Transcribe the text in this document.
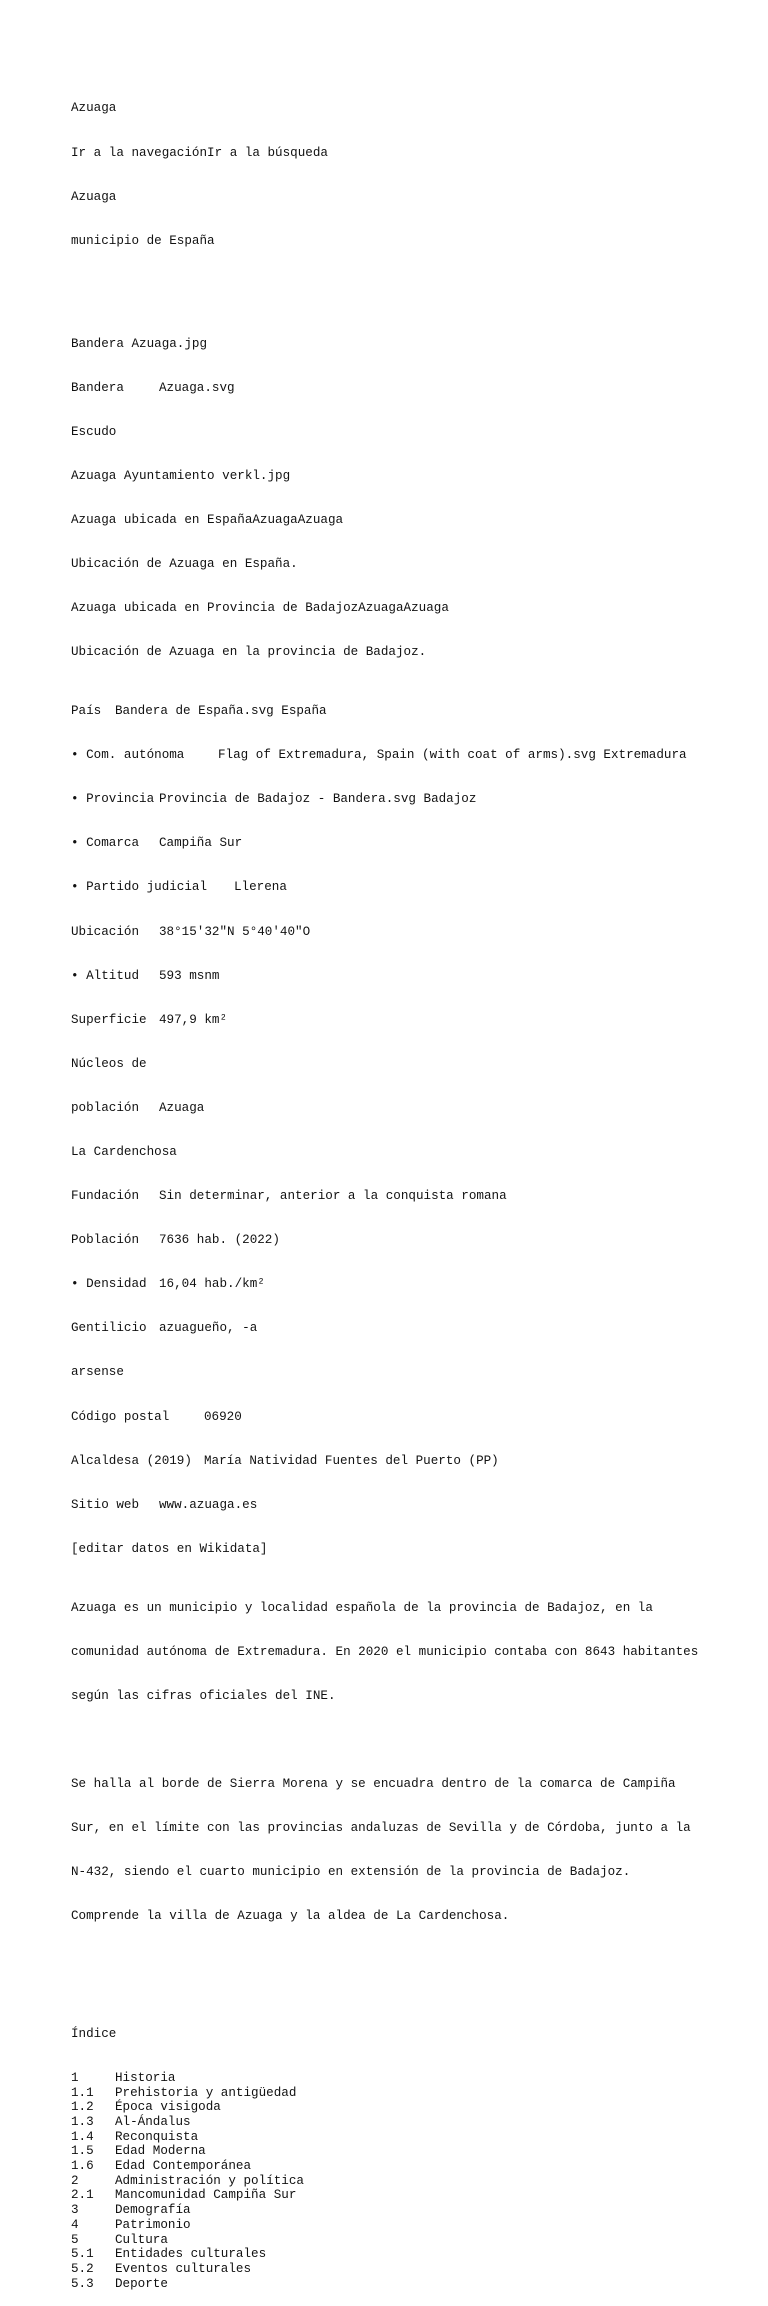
Azuaga

Ir a la navegaciónIr a la búsqueda

Azuaga

municipio de España

Bandera Azuaga.jpg

Bandera	Azuaga.svg

Escudo

Azuaga Ayuntamiento verkl.jpg

Azuaga ubicada en EspañaAzuagaAzuaga

Ubicación de Azuaga en España.

Azuaga ubicada en Provincia de BadajozAzuagaAzuaga

Ubicación de Azuaga en la provincia de Badajoz.

País Bandera de España.svg España

• Com. autónoma	Flag of Extremadura, Spain (with coat of arms).svg Extremadura

• Provincia Provincia de Badajoz - Bandera.svg Badajoz

• Comarca Campiña Sur

• Partido judicial Llerena

Ubicación 38°15′32″N 5°40′40″O

• Altitud 593 msnm

Superficie 497,9 km²

Núcleos de

población Azuaga

La Cardenchosa

Fundación Sin determinar, anterior a la conquista romana

Población 7636 hab. (2022)

• Densidad 16,04 hab./km²

Gentilicio azuagueño, -a

arsense

Código postal	06920

Alcaldesa (2019) María Natividad Fuentes del Puerto (PP)

Sitio web www.azuaga.es

[editar datos en Wikidata]

Azuaga es un municipio y localidad española de la provincia de Badajoz, en la

comunidad autónoma de Extremadura. En 2020 el municipio contaba con 8643 habitantes

según las cifras oficiales del INE.

Se halla al borde de Sierra Morena y se encuadra dentro de la comarca de Campiña

Sur, en el límite con las provincias andaluzas de Sevilla y de Córdoba, junto a la

N-432, siendo el cuarto municipio en extensión de la provincia de Badajoz.

Comprende la villa de Azuaga y la aldea de La Cardenchosa.

Índice

1	Historia
1.1 Prehistoria y antigüedad
1.2 Época visigoda
1.3 Al-Ándalus
1.4 Reconquista
1.5 Edad Moderna
1.6 Edad Contemporánea
2	Administración y política
2.1 Mancomunidad Campiña Sur
3	Demografía
4	Patrimonio
5	Cultura
5.1 Entidades culturales
5.2 Eventos culturales
5.3 Deporte
